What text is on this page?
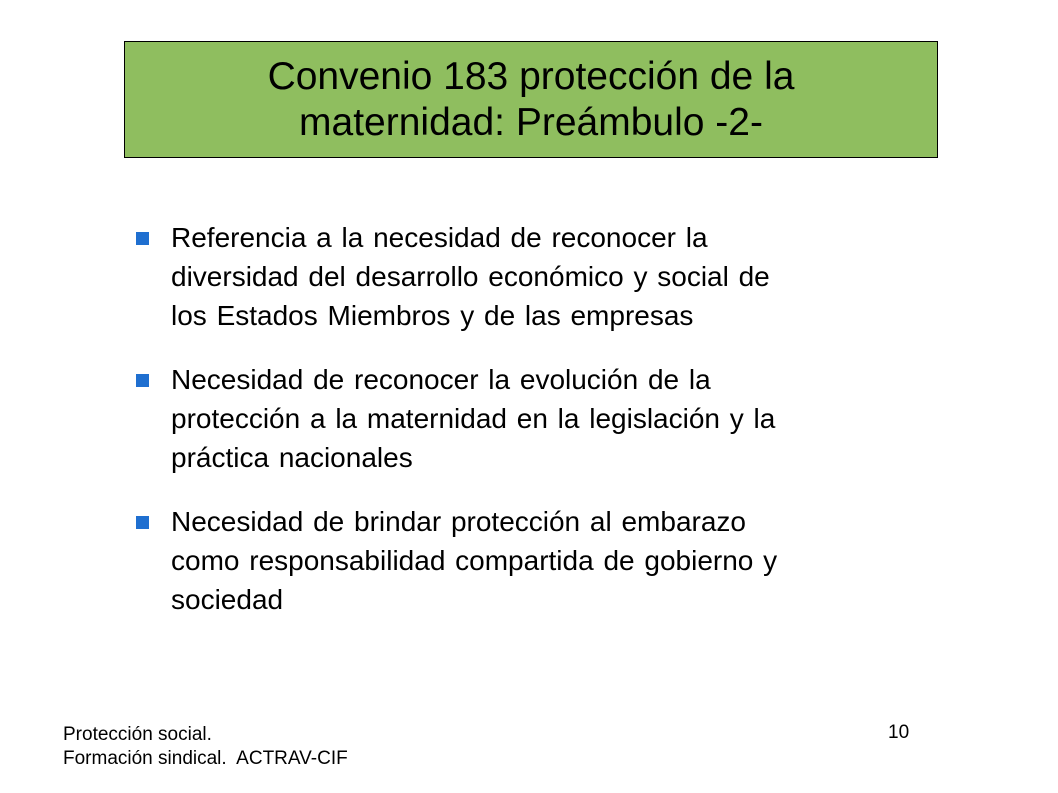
Convenio 183 protección de la
maternidad: Preámbulo -2-
Referencia a la necesidad de reconocer la
diversidad del desarrollo económico y social de
los Estados Miembros y de las empresas
Necesidad de reconocer la evolución de la
protección a la maternidad en la legislación y la
práctica nacionales
Necesidad de brindar protección al embarazo
como responsabilidad compartida de gobierno y
sociedad
Protección social.
Formación sindical.  ACTRAV-CIF
10
